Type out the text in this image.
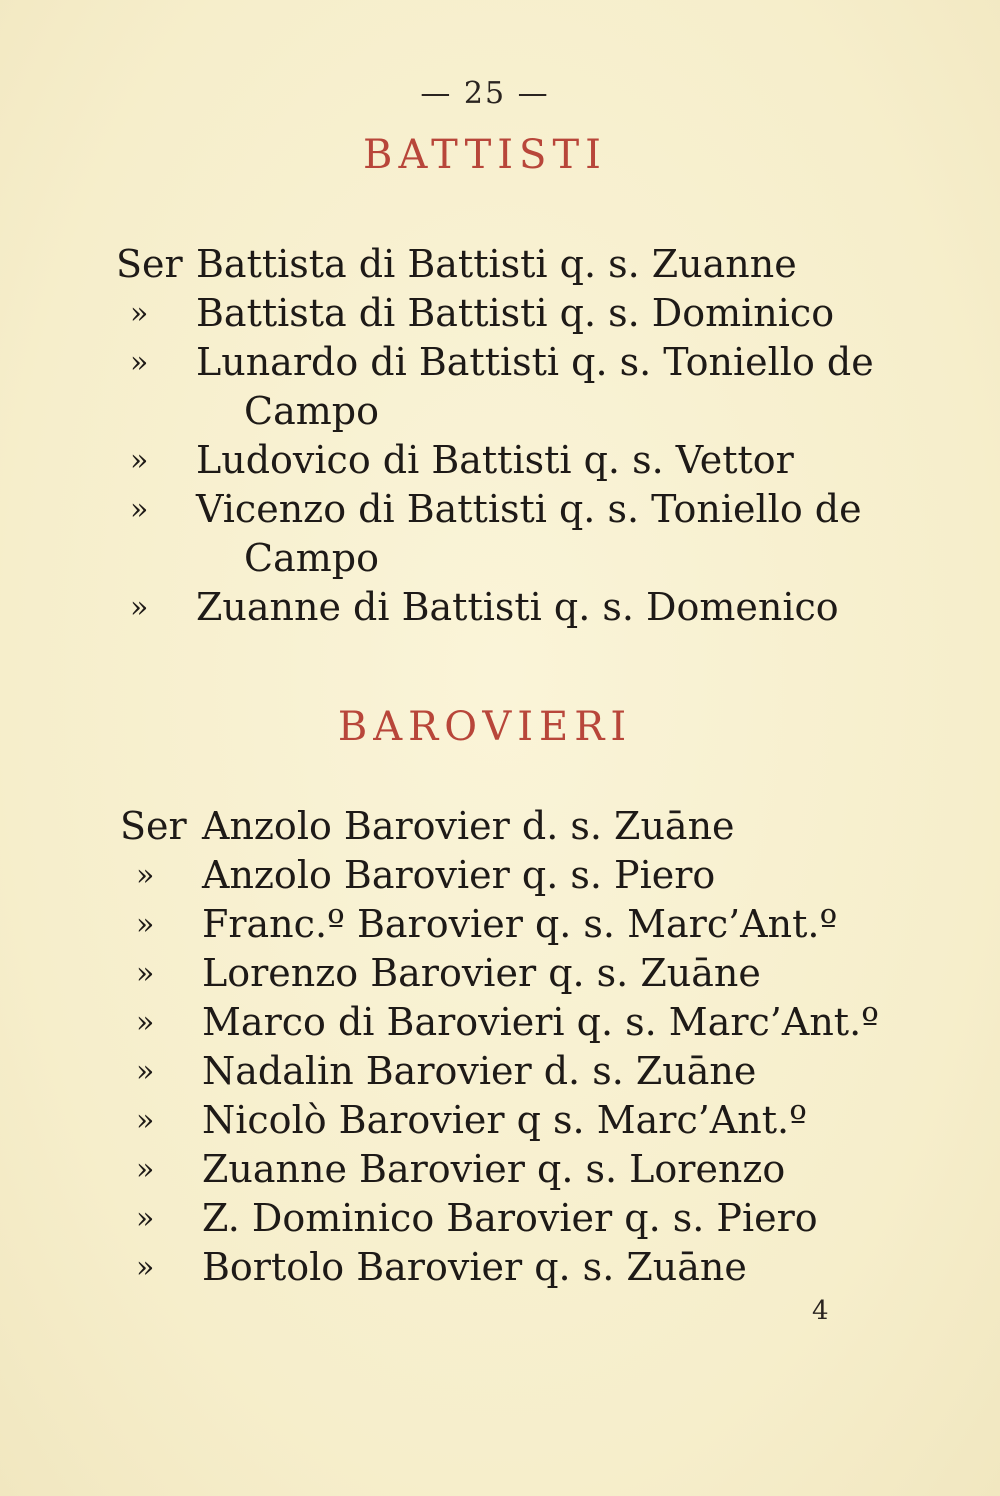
— 25 —
BATTISTI
Ser Battista di Battisti q. s. Zuanne
» Battista di Battisti q. s. Dominico
» Lunardo di Battisti q. s. Toniello de
Campo
» Ludovico di Battisti q. s. Vettor
» Vicenzo di Battisti q. s. Toniello de
Campo
» Zuanne di Battisti q. s. Domenico
BAROVIERI
Ser Anzolo Barovier d. s. Zuāne
» Anzolo Barovier q. s. Piero
» Franc.º Barovier q. s. Marc’Ant.º
» Lorenzo Barovier q. s. Zuāne
» Marco di Barovieri q. s. Marc’Ant.º
» Nadalin Barovier d. s. Zuāne
» Nicolò Barovier q s. Marc’Ant.º
» Zuanne Barovier q. s. Lorenzo
» Z. Dominico Barovier q. s. Piero
» Bortolo Barovier q. s. Zuāne
4
